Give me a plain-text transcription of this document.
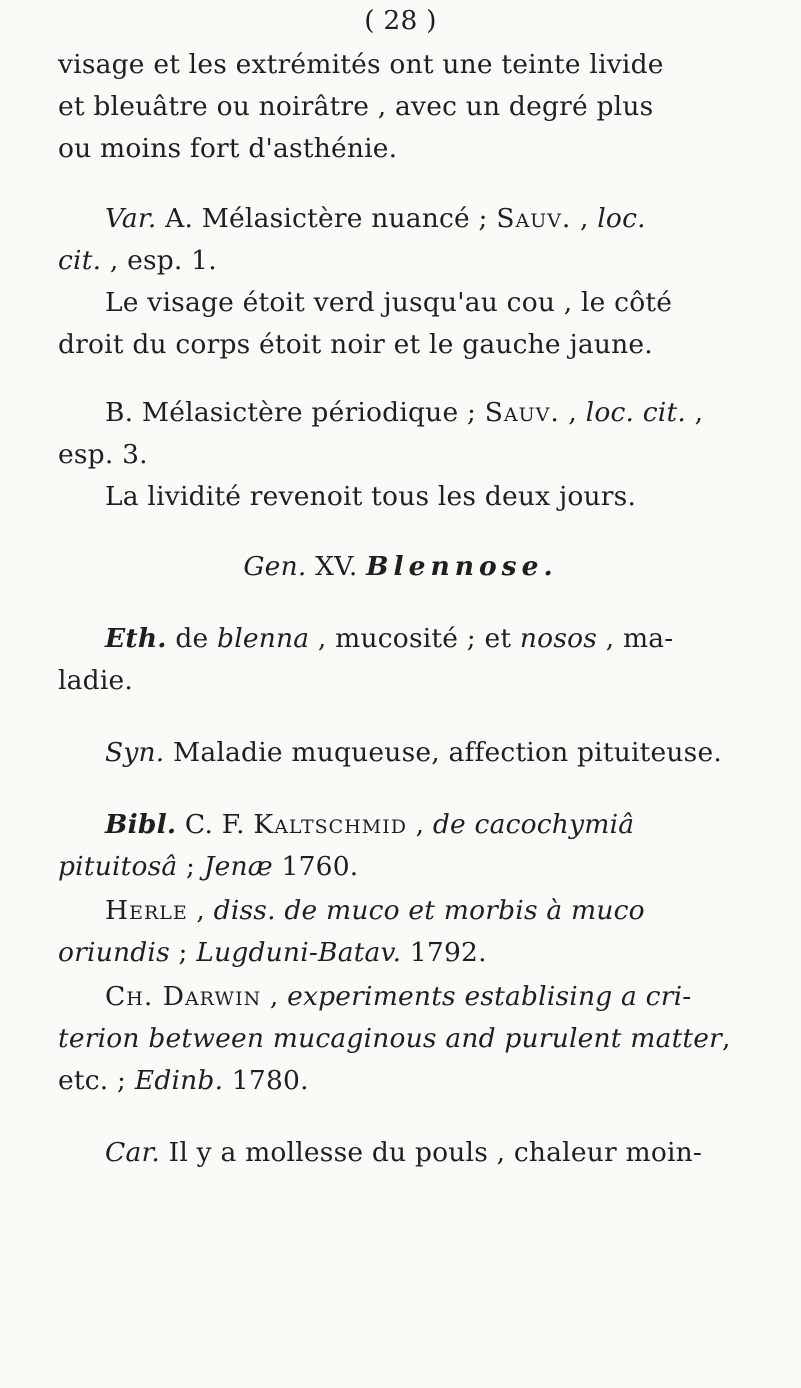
( 28 )
visage et les extrémités ont une teinte livide
et bleuâtre ou noirâtre , avec un degré plus
ou moins fort d'asthénie.
Var. A. Mélasictère nuancé ; Sauv. , loc.
cit. , esp. 1.
Le visage étoit verd jusqu'au cou , le côté
droit du corps étoit noir et le gauche jaune.
B. Mélasictère périodique ; Sauv. , loc. cit. ,
esp. 3.
La lividité revenoit tous les deux jours.
Gen. XV. Blennose.
Eth. de blenna , mucosité ; et nosos , ma-
ladie.
Syn. Maladie muqueuse, affection pituiteuse.
Bibl. C. F. Kaltschmid , de cacochymiâ
pituitosâ ; Jenæ 1760.
Herle , diss. de muco et morbis à muco
oriundis ; Lugduni-Batav. 1792.
Ch. Darwin , experiments establising a cri-
terion between mucaginous and purulent matter,
etc. ; Edinb. 1780.
Car. Il y a mollesse du pouls , chaleur moin-
